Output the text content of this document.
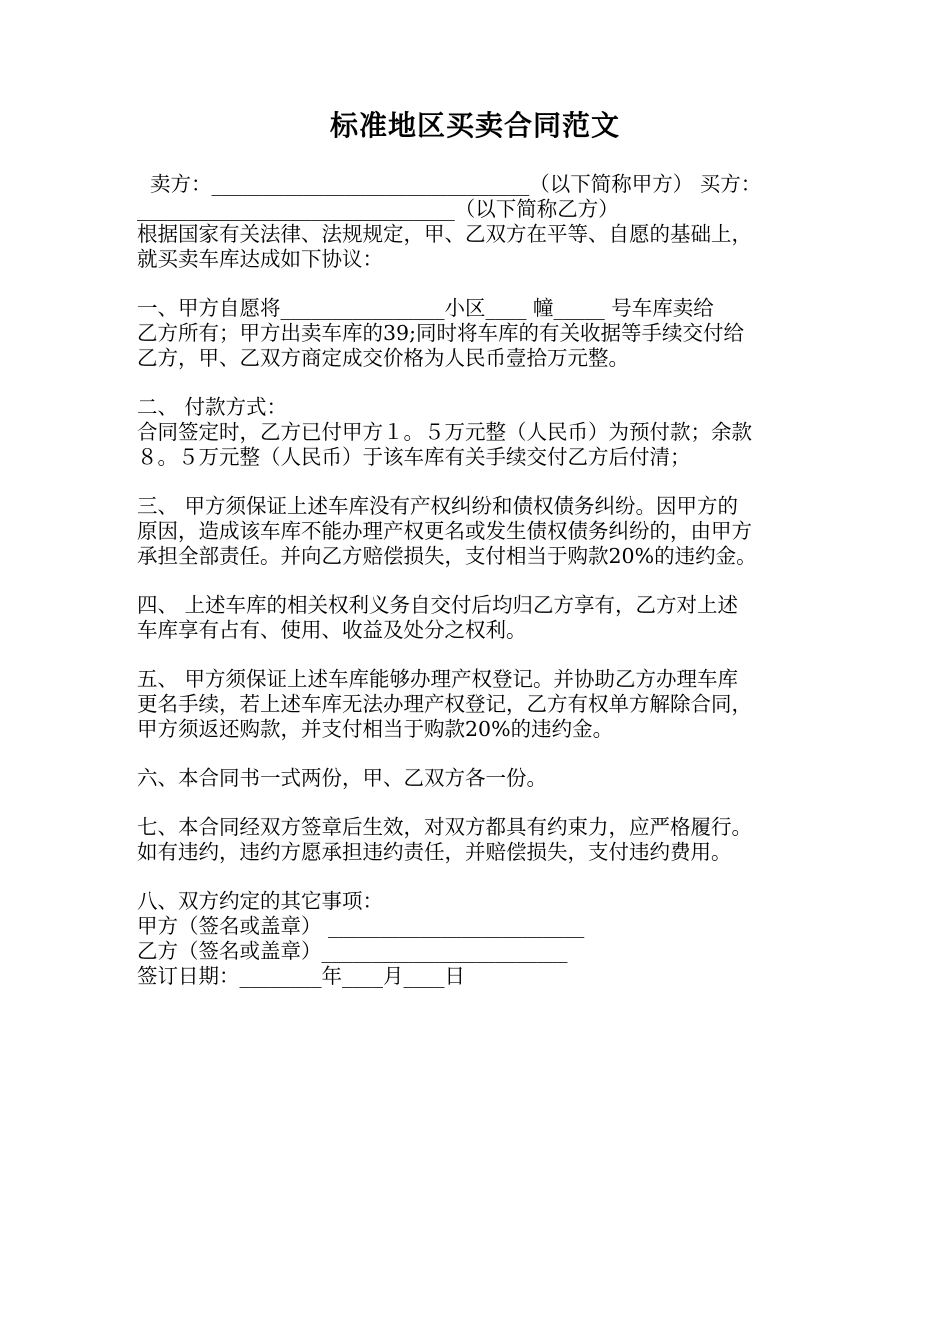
标准地区买卖合同范文
卖方：_______________________________（以下简称甲方） 买方：
_______________________________（以下简称乙方）
根据国家有关法律、法规规定，甲、乙双方在平等、自愿的基础上，
就买卖车库达成如下协议：
一、甲方自愿将________________小区____ 幢_____ 号车库卖给
乙方所有；甲方出卖车库的39;同时将车库的有关收据等手续交付给
乙方，甲、乙双方商定成交价格为人民币壹拾万元整。
二、 付款方式：
合同签定时，乙方已付甲方１。５万元整（人民币）为预付款；余款
８。５万元整（人民币）于该车库有关手续交付乙方后付清；
三、 甲方须保证上述车库没有产权纠纷和债权债务纠纷。因甲方的
原因，造成该车库不能办理产权更名或发生债权债务纠纷的，由甲方
承担全部责任。并向乙方赔偿损失，支付相当于购款20%的违约金。
四、 上述车库的相关权利义务自交付后均归乙方享有，乙方对上述
车库享有占有、使用、收益及处分之权利。
五、 甲方须保证上述车库能够办理产权登记。并协助乙方办理车库
更名手续，若上述车库无法办理产权登记，乙方有权单方解除合同，
甲方须返还购款，并支付相当于购款20%的违约金。
六、本合同书一式两份，甲、乙双方各一份。
七、本合同经双方签章后生效，对双方都具有约束力，应严格履行。
如有违约，违约方愿承担违约责任，并赔偿损失，支付违约费用。
八、双方约定的其它事项：
甲方（签名或盖章） _________________________
乙方（签名或盖章）________________________
签订日期：________年____月____日
